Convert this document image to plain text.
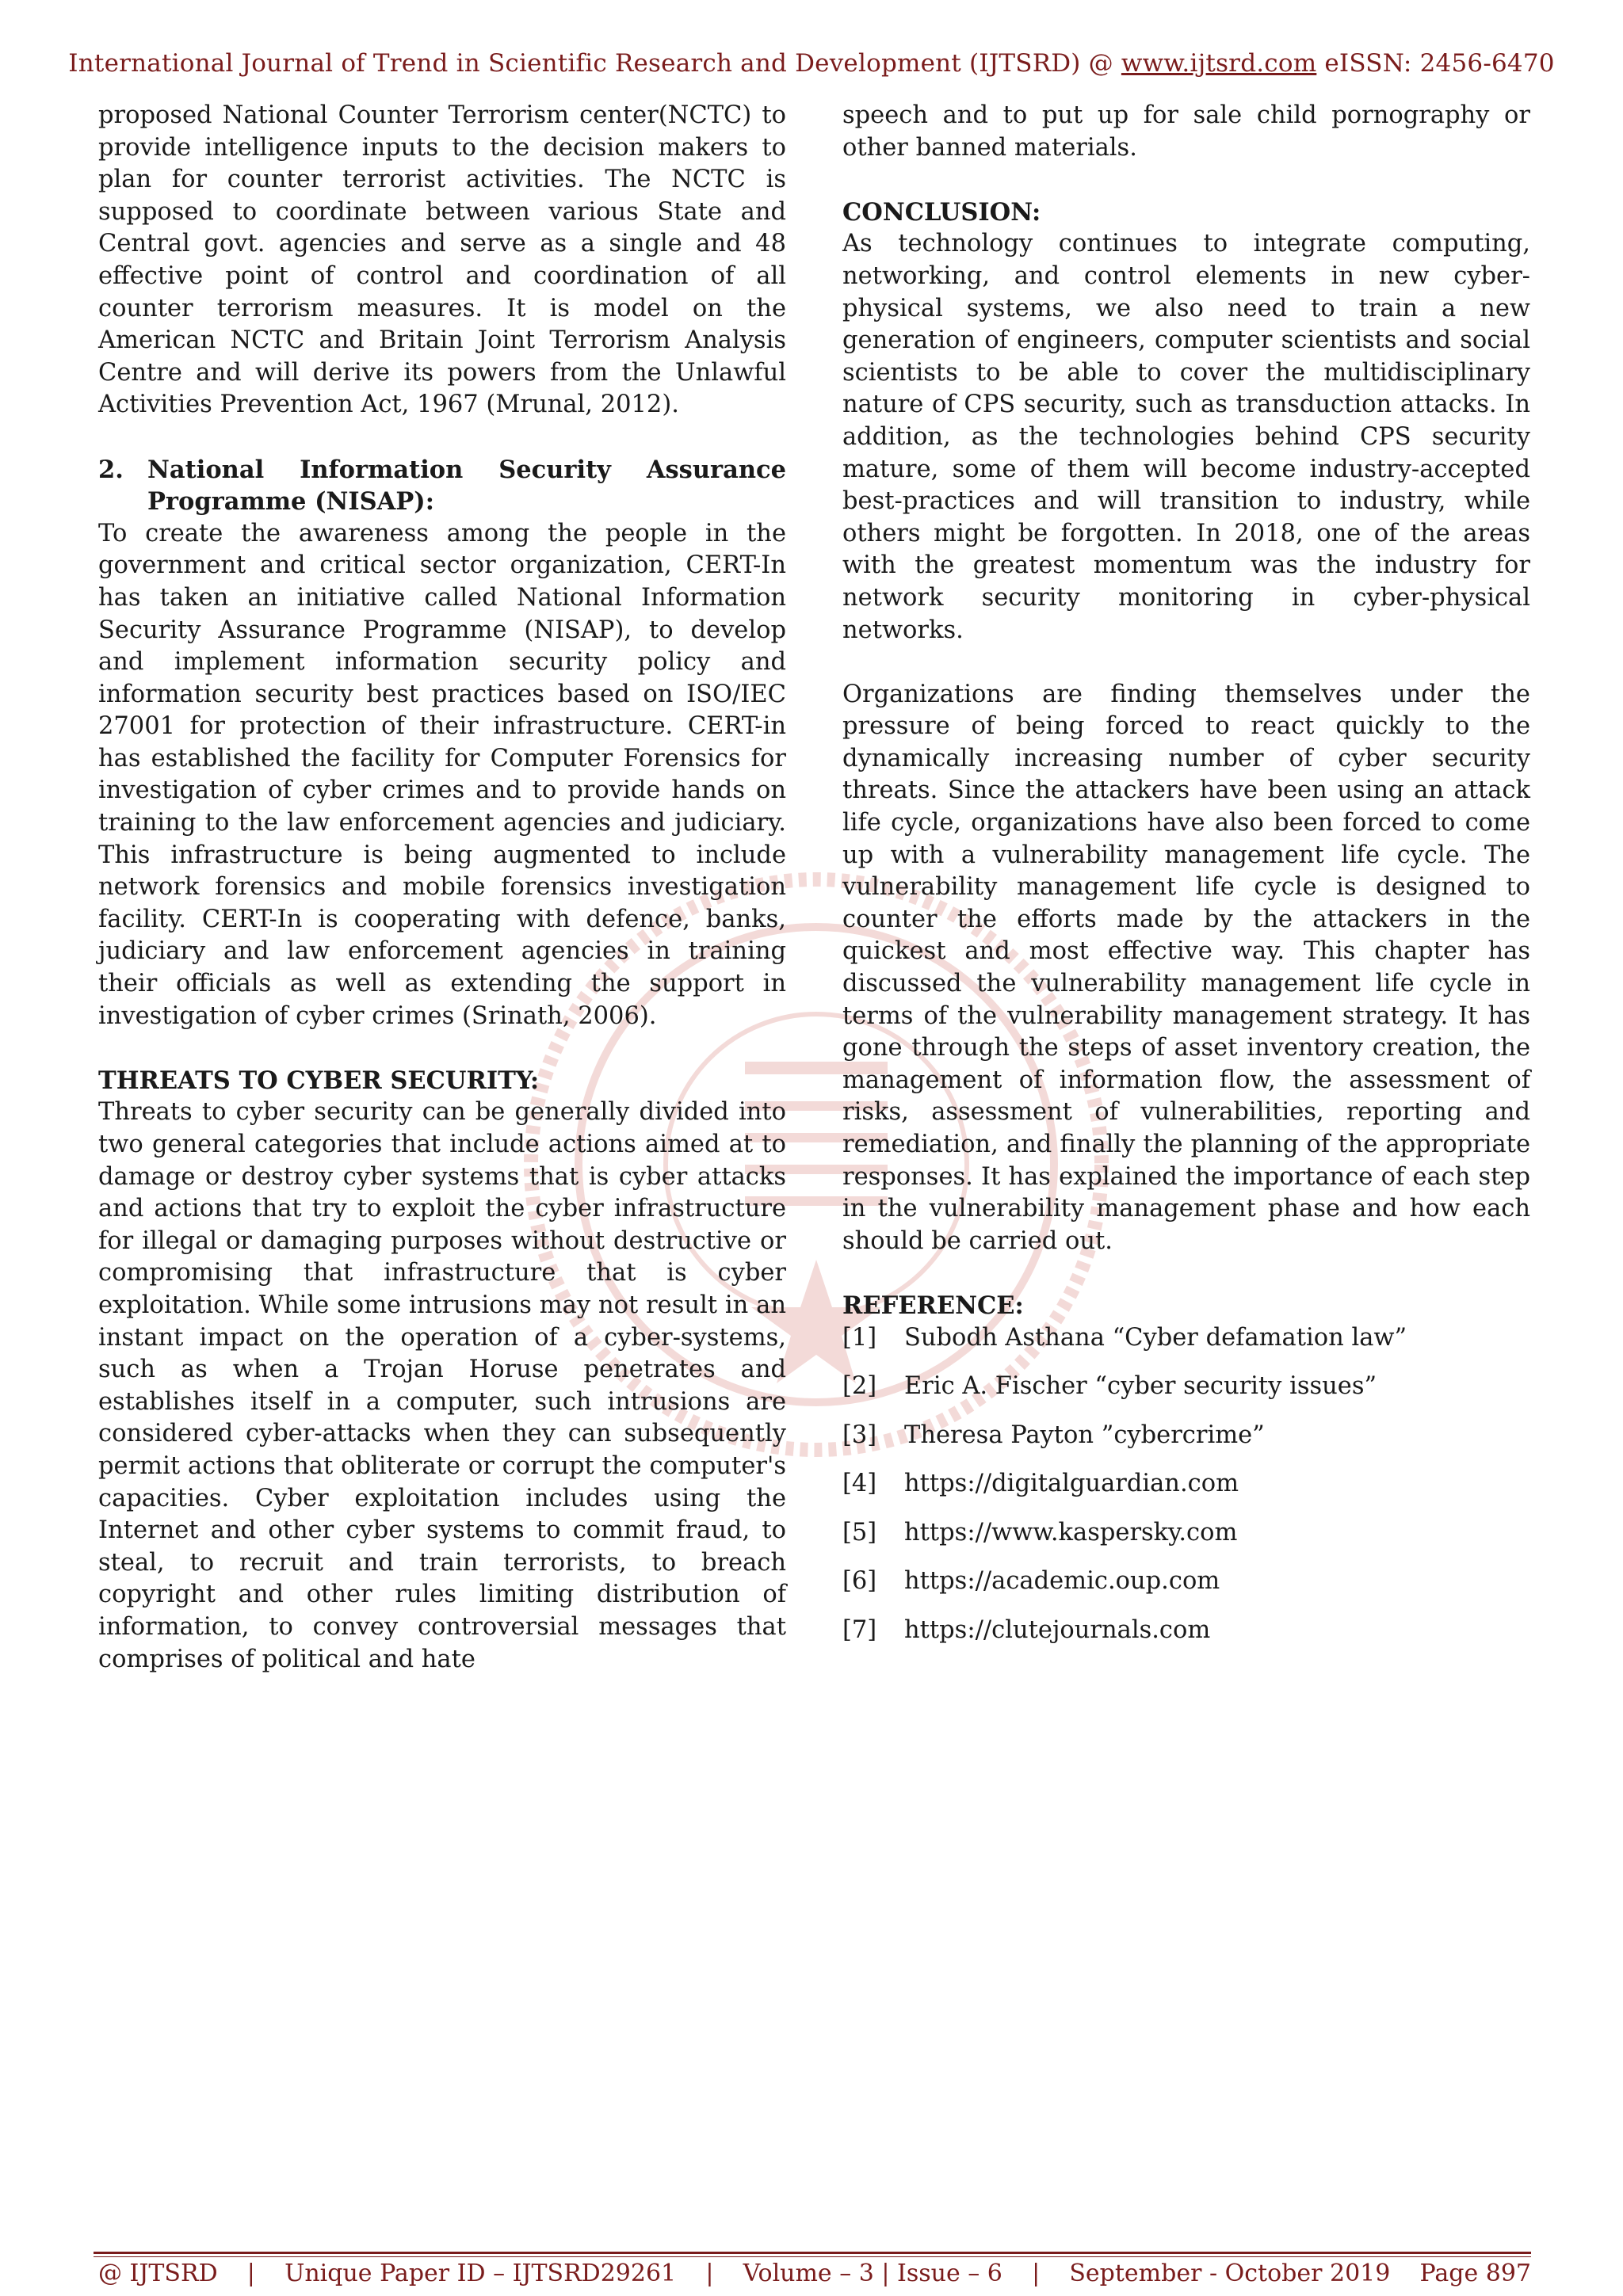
International Journal of Trend in Scientific Research and Development (IJTSRD) @ www.ijtsrd.com eISSN: 2456-6470

proposed National Counter Terrorism center(NCTC) to provide intelligence inputs to the decision makers to plan for counter terrorist activities. The NCTC is supposed to coordinate between various State and Central govt. agencies and serve as a single and 48 effective point of control and coordination of all counter terrorism measures. It is model on the American NCTC and Britain Joint Terrorism Analysis Centre and will derive its powers from the Unlawful Activities Prevention Act, 1967 (Mrunal, 2012).

2. National Information Security Assurance
Programme (NISAP):

To create the awareness among the people in the government and critical sector organization, CERT-In has taken an initiative called National Information Security Assurance Programme (NISAP), to develop and implement information security policy and information security best practices based on ISO/IEC 27001 for protection of their infrastructure. CERT-in has established the facility for Computer Forensics for investigation of cyber crimes and to provide hands on training to the law enforcement agencies and judiciary. This infrastructure is being augmented to include network forensics and mobile forensics investigation facility. CERT-In is cooperating with defence, banks, judiciary and law enforcement agencies in training their officials as well as extending the support in investigation of cyber crimes (Srinath, 2006).

THREATS TO CYBER SECURITY:

Threats to cyber security can be generally divided into two general categories that include actions aimed at to damage or destroy cyber systems that is cyber attacks and actions that try to exploit the cyber infrastructure for illegal or damaging purposes without destructive or compromising that infrastructure that is cyber exploitation. While some intrusions may not result in an instant impact on the operation of a cyber-systems, such as when a Trojan Horuse penetrates and establishes itself in a computer, such intrusions are considered cyber-attacks when they can subsequently permit actions that obliterate or corrupt the computer's capacities. Cyber exploitation includes using the Internet and other cyber systems to commit fraud, to steal, to recruit and train terrorists, to breach copyright and other rules limiting distribution of information, to convey controversial messages that comprises of political and hate

speech and to put up for sale child pornography or other banned materials.

CONCLUSION:

As technology continues to integrate computing, networking, and control elements in new cyber- physical systems, we also need to train a new generation of engineers, computer scientists and social scientists to be able to cover the multidisciplinary nature of CPS security, such as transduction attacks. In addition, as the technologies behind CPS security mature, some of them will become industry-accepted best-practices and will transition to industry, while others might be forgotten. In 2018, one of the areas with the greatest momentum was the industry for network security monitoring in cyber-physical networks.

Organizations are finding themselves under the pressure of being forced to react quickly to the dynamically increasing number of cyber security threats. Since the attackers have been using an attack life cycle, organizations have also been forced to come up with a vulnerability management life cycle. The vulnerability management life cycle is designed to counter the efforts made by the attackers in the quickest and most effective way. This chapter has discussed the vulnerability management life cycle in terms of the vulnerability management strategy. It has gone through the steps of asset inventory creation, the management of information flow, the assessment of risks, assessment of vulnerabilities, reporting and remediation, and finally the planning of the appropriate responses. It has explained the importance of each step in the vulnerability management phase and how each should be carried out.

REFERENCE:

[1]	Subodh Asthana “Cyber defamation law”
[2]	Eric A. Fischer “cyber security issues”
[3]	Theresa Payton ”cybercrime”
[4]	https://digitalguardian.com
[5]	https://www.kaspersky.com
[6]	https://academic.oup.com
[7]	https://clutejournals.com
@ IJTSRD | Unique Paper ID – IJTSRD29261 | Volume – 3 | Issue – 6 | September - October 2019 Page 897
